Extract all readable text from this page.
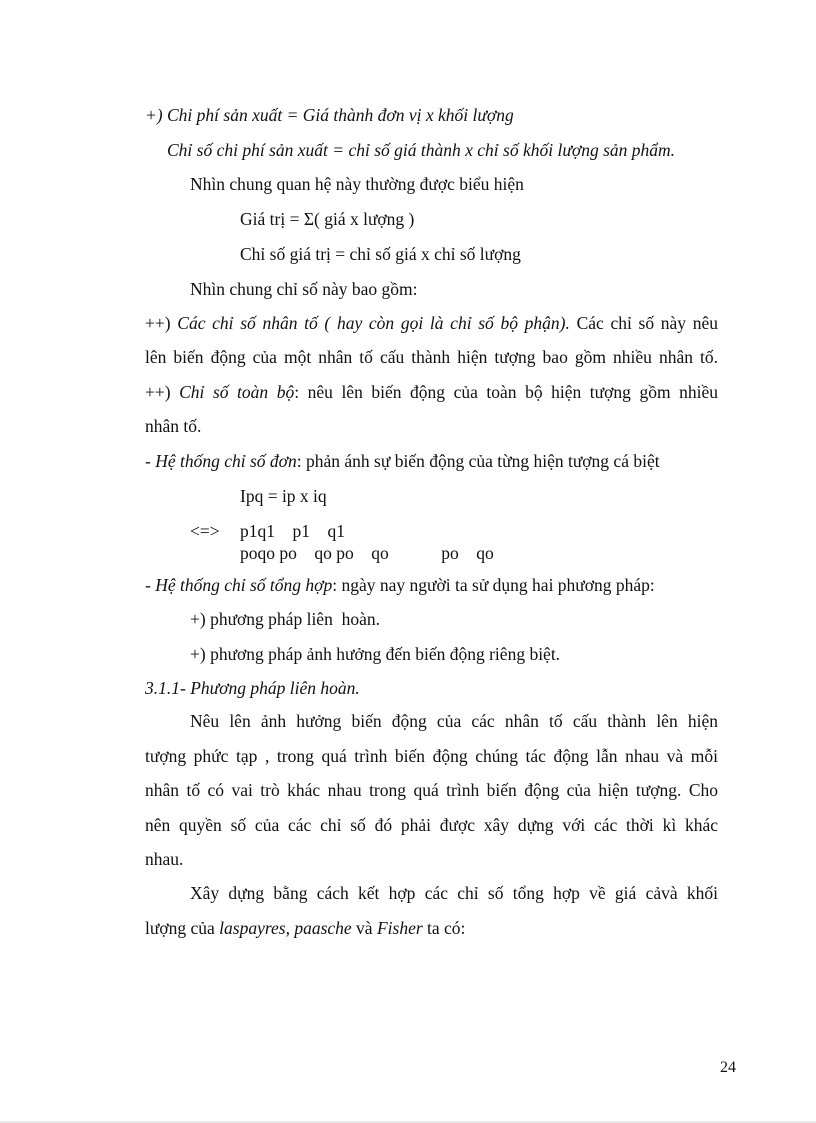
+) Chi phí sản xuất = Giá thành đơn vị x khối lượng
Chỉ số chi phí sản xuất = chỉ số giá thành x chỉ số khối lượng sản phẩm.
Nhìn chung quan hệ này thường được biểu hiện
Giá trị = Σ( giá x lượng )
Chỉ số giá trị = chỉ số giá x chỉ số lượng
Nhìn chung chỉ số này bao gồm:
++) Các chỉ số nhân tố ( hay còn gọi là chỉ số bộ phận). Các chỉ số này nêu
lên biến động của một nhân tố cấu thành hiện tượng bao gồm nhiều nhân tố.
++) Chỉ số toàn bộ: nêu lên biến động của toàn bộ hiện tượng gồm nhiều
nhân tố.
- Hệ thống chỉ số đơn: phản ánh sự biến động của từng hiện tượng cá biệt
Ipq = ip x iq
<=> p1q1    p1    q1
poqo po    qo po    qo            po    qo
- Hệ thống chỉ số tổng hợp: ngày nay người ta sử dụng hai phương pháp:
+) phương pháp liên  hoàn.
+) phương pháp ảnh hưởng đến biến động riêng biệt.
3.1.1- Phương pháp liên hoàn.
Nêu lên ảnh hưởng biến động của các nhân tố cấu thành lên hiện
tượng phức tạp , trong quá trình biến động chúng tác động lẫn nhau và mỗi
nhân tố có vai trò khác nhau trong quá trình biến động của hiện tượng. Cho
nên quyền số của các chỉ số đó phải được xây dựng với các thời kì khác
nhau.
Xây dựng bằng cách kết hợp các chỉ số tổng hợp về giá cảvà khối
lượng của laspayres, paasche và Fisher ta có:
24
